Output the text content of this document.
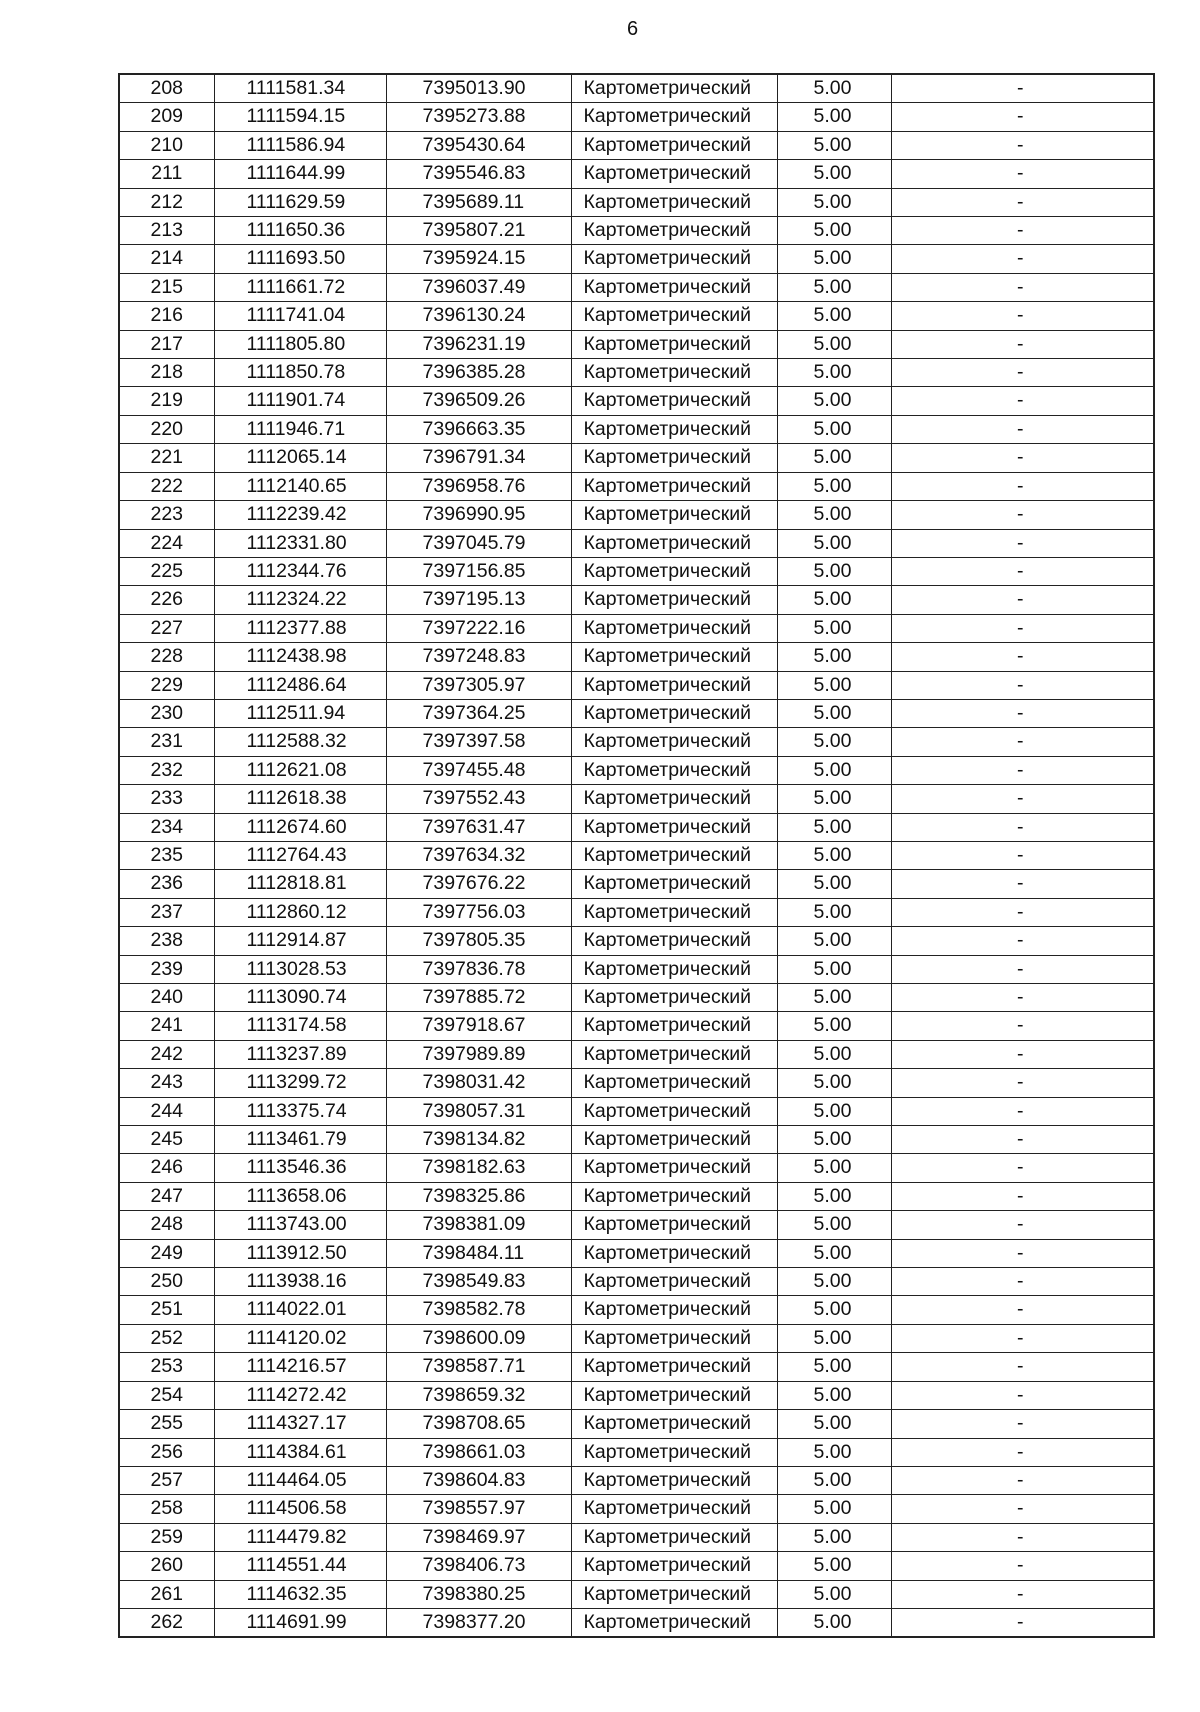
6
208	1111581.34	7395013.90	Картометрический	5.00	-
209	1111594.15	7395273.88	Картометрический	5.00	-
210	1111586.94	7395430.64	Картометрический	5.00	-
211	1111644.99	7395546.83	Картометрический	5.00	-
212	1111629.59	7395689.11	Картометрический	5.00	-
213	1111650.36	7395807.21	Картометрический	5.00	-
214	1111693.50	7395924.15	Картометрический	5.00	-
215	1111661.72	7396037.49	Картометрический	5.00	-
216	1111741.04	7396130.24	Картометрический	5.00	-
217	1111805.80	7396231.19	Картометрический	5.00	-
218	1111850.78	7396385.28	Картометрический	5.00	-
219	1111901.74	7396509.26	Картометрический	5.00	-
220	1111946.71	7396663.35	Картометрический	5.00	-
221	1112065.14	7396791.34	Картометрический	5.00	-
222	1112140.65	7396958.76	Картометрический	5.00	-
223	1112239.42	7396990.95	Картометрический	5.00	-
224	1112331.80	7397045.79	Картометрический	5.00	-
225	1112344.76	7397156.85	Картометрический	5.00	-
226	1112324.22	7397195.13	Картометрический	5.00	-
227	1112377.88	7397222.16	Картометрический	5.00	-
228	1112438.98	7397248.83	Картометрический	5.00	-
229	1112486.64	7397305.97	Картометрический	5.00	-
230	1112511.94	7397364.25	Картометрический	5.00	-
231	1112588.32	7397397.58	Картометрический	5.00	-
232	1112621.08	7397455.48	Картометрический	5.00	-
233	1112618.38	7397552.43	Картометрический	5.00	-
234	1112674.60	7397631.47	Картометрический	5.00	-
235	1112764.43	7397634.32	Картометрический	5.00	-
236	1112818.81	7397676.22	Картометрический	5.00	-
237	1112860.12	7397756.03	Картометрический	5.00	-
238	1112914.87	7397805.35	Картометрический	5.00	-
239	1113028.53	7397836.78	Картометрический	5.00	-
240	1113090.74	7397885.72	Картометрический	5.00	-
241	1113174.58	7397918.67	Картометрический	5.00	-
242	1113237.89	7397989.89	Картометрический	5.00	-
243	1113299.72	7398031.42	Картометрический	5.00	-
244	1113375.74	7398057.31	Картометрический	5.00	-
245	1113461.79	7398134.82	Картометрический	5.00	-
246	1113546.36	7398182.63	Картометрический	5.00	-
247	1113658.06	7398325.86	Картометрический	5.00	-
248	1113743.00	7398381.09	Картометрический	5.00	-
249	1113912.50	7398484.11	Картометрический	5.00	-
250	1113938.16	7398549.83	Картометрический	5.00	-
251	1114022.01	7398582.78	Картометрический	5.00	-
252	1114120.02	7398600.09	Картометрический	5.00	-
253	1114216.57	7398587.71	Картометрический	5.00	-
254	1114272.42	7398659.32	Картометрический	5.00	-
255	1114327.17	7398708.65	Картометрический	5.00	-
256	1114384.61	7398661.03	Картометрический	5.00	-
257	1114464.05	7398604.83	Картометрический	5.00	-
258	1114506.58	7398557.97	Картометрический	5.00	-
259	1114479.82	7398469.97	Картометрический	5.00	-
260	1114551.44	7398406.73	Картометрический	5.00	-
261	1114632.35	7398380.25	Картометрический	5.00	-
262	1114691.99	7398377.20	Картометрический	5.00	-
